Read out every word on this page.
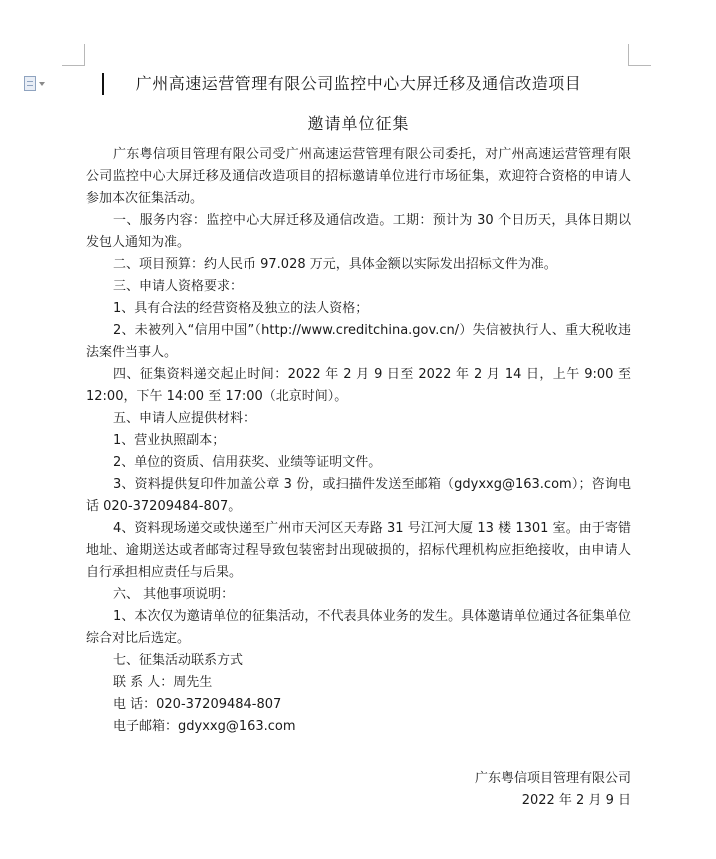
广州高速运营管理有限公司监控中心大屏迁移及通信改造项目
邀请单位征集

广东粤信项目管理有限公司受广州高速运营管理有限公司委托，对广州高速运营管理有限公司监控中心大屏迁移及通信改造项目的招标邀请单位进行市场征集，欢迎符合资格的申请人参加本次征集活动。

一、服务内容：监控中心大屏迁移及通信改造。工期：预计为 30 个日历天，具体日期以发包人通知为准。

二、项目预算：约人民币 97.028 万元，具体金额以实际发出招标文件为准。

三、申请人资格要求：

1、具有合法的经营资格及独立的法人资格；

2、未被列入“信用中国”（http://www.creditchina.gov.cn/）失信被执行人、重大税收违法案件当事人。

四、征集资料递交起止时间：2022 年 2 月 9 日至 2022 年 2 月 14 日，上午 9:00 至 12:00，下午 14:00 至 17:00（北京时间）。

五、申请人应提供材料：

1、营业执照副本；

2、单位的资质、信用获奖、业绩等证明文件。

3、资料提供复印件加盖公章 3 份，或扫描件发送至邮箱（gdyxxg@163.com）；咨询电话 020-37209484-807。

4、资料现场递交或快递至广州市天河区天寿路 31 号江河大厦 13 楼 1301 室。由于寄错地址、逾期送达或者邮寄过程导致包装密封出现破损的，招标代理机构应拒绝接收，由申请人自行承担相应责任与后果。

六、 其他事项说明：

1、本次仅为邀请单位的征集活动，不代表具体业务的发生。具体邀请单位通过各征集单位综合对比后选定。

七、征集活动联系方式

联 系 人：周先生

电 话：020-37209484-807

电子邮箱：gdyxxg@163.com

广东粤信项目管理有限公司

2022 年 2 月 9 日
